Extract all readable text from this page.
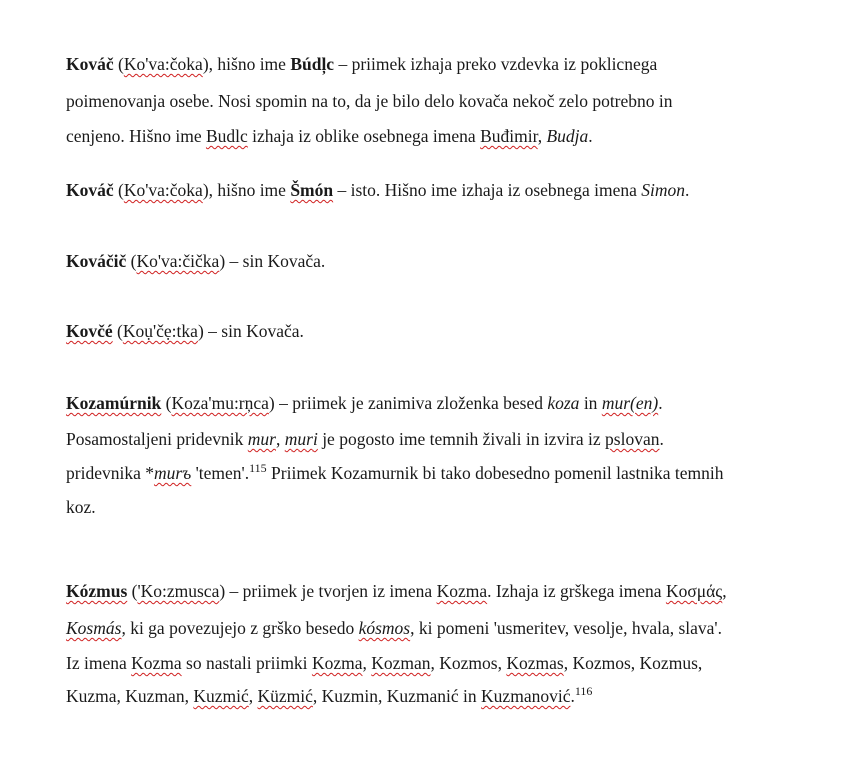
Kováč (Ko'va:čoka), hišno ime Búdļc – priimek izhaja preko vzdevka iz poklicnega
poimenovanja osebe. Nosi spomin na to, da je bilo delo kovača nekoč zelo potrebno in
cenjeno. Hišno ime Budlc izhaja iz oblike osebnega imena Buđimir, Budja.
Kováč (Ko'va:čoka), hišno ime Šmón – isto. Hišno ime izhaja iz osebnega imena Simon.
Kováčič (Ko'va:čička) – sin Kovača.
Kovčé (Koụ'čẹ:tka) – sin Kovača.
Kozamúrnik (Koza'mu:rņca) – priimek je zanimiva zloženka besed koza in mur(en).
Posamostaljeni pridevnik mur, muri je pogosto ime temnih živali in izvira iz pslovan.
pridevnika *murъ 'temen'.$^{115}$ Priimek Kozamurnik bi tako dobesedno pomenil lastnika temnih
koz.
Kózmus ('Ko:zmusca) – priimek je tvorjen iz imena Kozma. Izhaja iz grškega imena Κοσμάς,
Kosmás, ki ga povezujejo z grško besedo kósmos, ki pomeni 'usmeritev, vesolje, hvala, slava'.
Iz imena Kozma so nastali priimki Kozma, Kozman, Kozmos, Kozmas, Kozmos, Kozmus,
Kuzma, Kuzman, Kuzmić, Küzmić, Kuzmin, Kuzmanić in Kuzmanović.$^{116}$
